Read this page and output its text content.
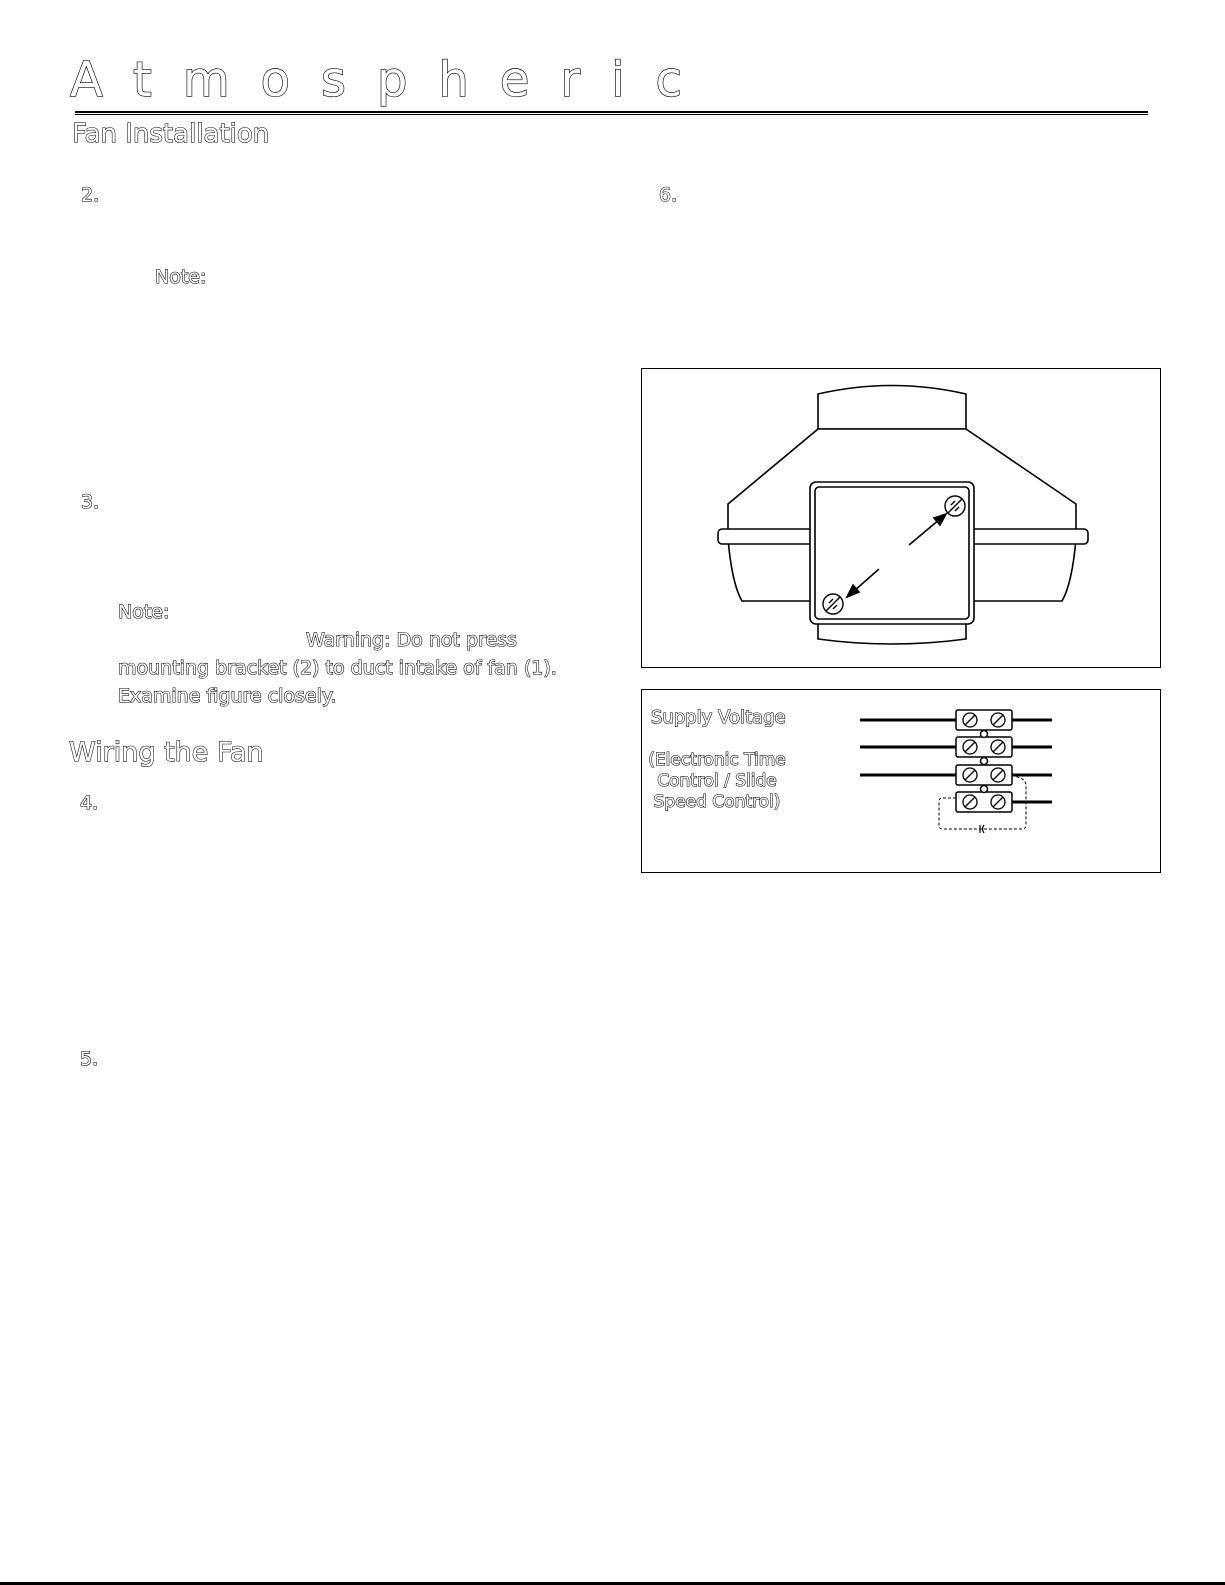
Atmospheric
Fan Installation
2.
Note:
3.
Note:
Warning: Do not press
mounting bracket (2) to duct intake of fan (1).
Examine figure closely.
Wiring the Fan
4.
5.
6.
Supply Voltage
(Electronic Time
Control / Slide
Speed Control)
